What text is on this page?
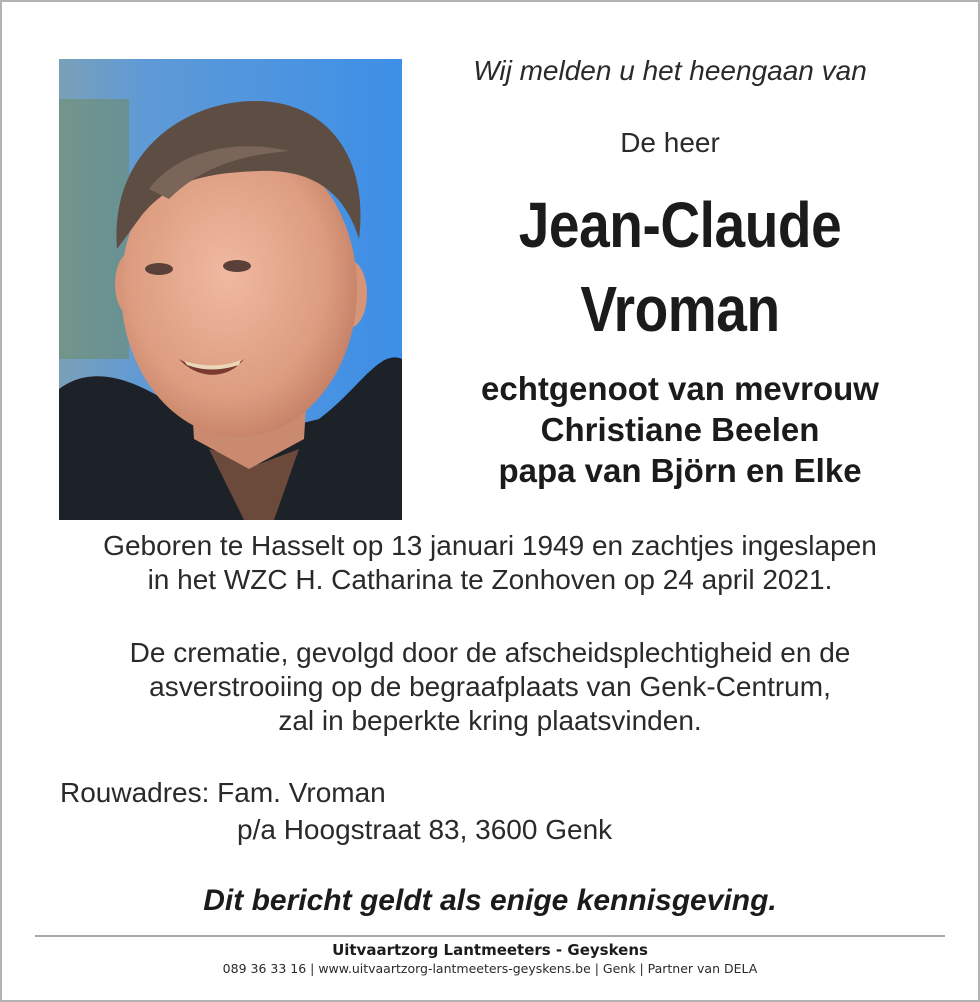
Wij melden u het heengaan van
De heer
Jean-Claude
Vroman
echtgenoot van mevrouw
Christiane Beelen
papa van Björn en Elke
Geboren te Hasselt op 13 januari 1949 en zachtjes ingeslapen
in het WZC H. Catharina te Zonhoven op 24 april 2021.
De crematie, gevolgd door de afscheidsplechtigheid en de
asverstrooiing op de begraafplaats van Genk-Centrum,
zal in beperkte kring plaatsvinden.
Rouwadres: Fam. Vroman
p/a Hoogstraat 83, 3600 Genk
Dit bericht geldt als enige kennisgeving.
Uitvaartzorg Lantmeeters - Geyskens
089 36 33 16 | www.uitvaartzorg-lantmeeters-geyskens.be | Genk | Partner van DELA
